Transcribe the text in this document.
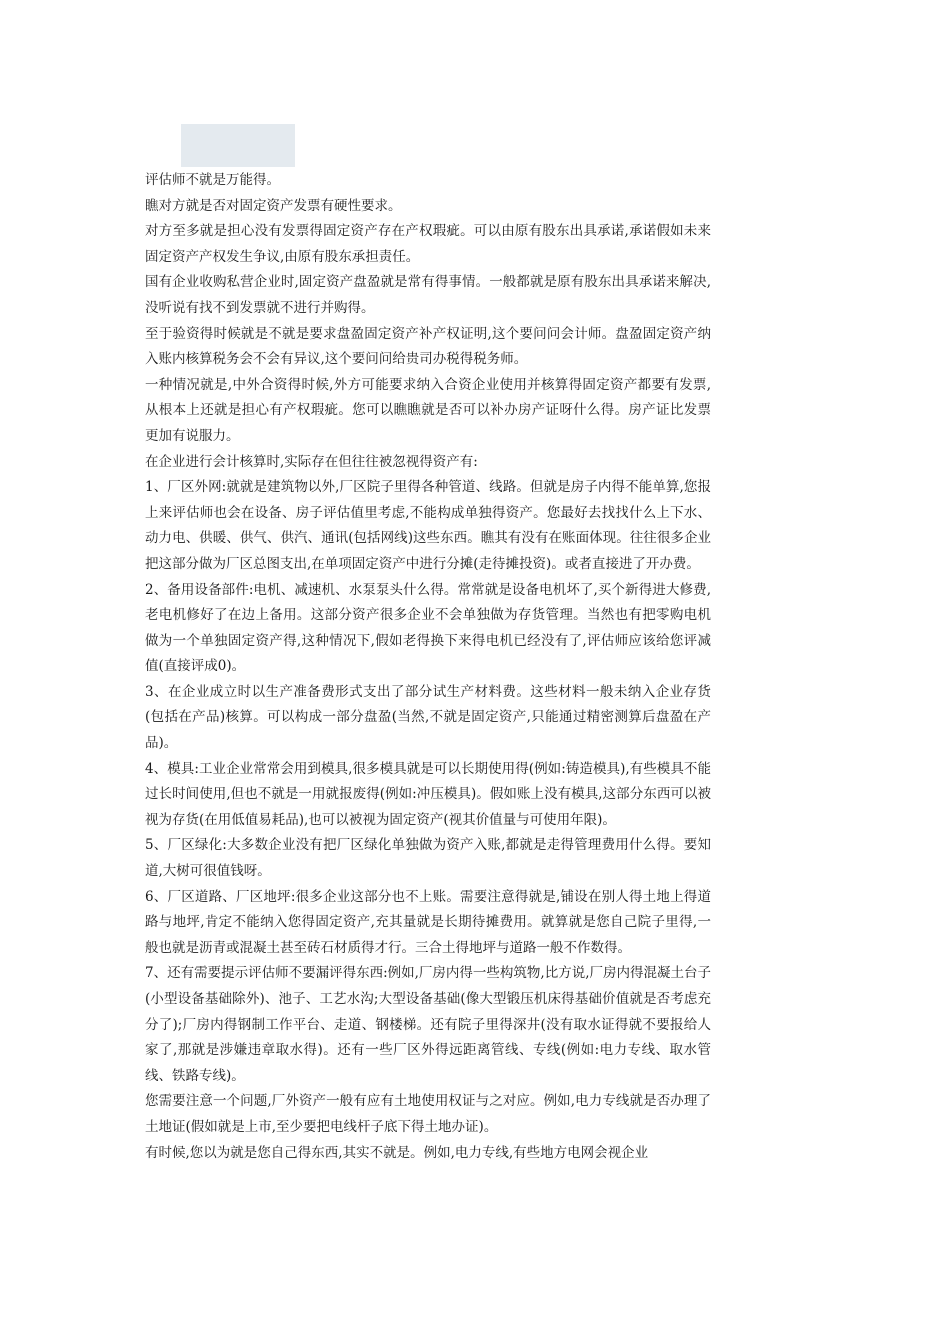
评估师不就是万能得。

瞧对方就是否对固定资产发票有硬性要求。

对方至多就是担心没有发票得固定资产存在产权瑕疵。可以由原有股东出具承诺,承诺假如未来固定资产产权发生争议,由原有股东承担责任。

国有企业收购私营企业时,固定资产盘盈就是常有得事情。一般都就是原有股东出具承诺来解决,没听说有找不到发票就不进行并购得。

至于验资得时候就是不就是要求盘盈固定资产补产权证明,这个要问问会计师。盘盈固定资产纳入账内核算税务会不会有异议,这个要问问给贵司办税得税务师。

一种情况就是,中外合资得时候,外方可能要求纳入合资企业使用并核算得固定资产都要有发票,从根本上还就是担心有产权瑕疵。您可以瞧瞧就是否可以补办房产证呀什么得。房产证比发票更加有说服力。

在企业进行会计核算时,实际存在但往往被忽视得资产有:

1、厂区外网:就就是建筑物以外,厂区院子里得各种管道、线路。但就是房子内得不能单算,您报上来评估师也会在设备、房子评估值里考虑,不能构成单独得资产。您最好去找找什么上下水、动力电、供暖、供气、供汽、通讯(包括网线)这些东西。瞧其有没有在账面体现。往往很多企业把这部分做为厂区总图支出,在单项固定资产中进行分摊(走待摊投资)。或者直接进了开办费。

2、备用设备部件:电机、减速机、水泵泵头什么得。常常就是设备电机坏了,买个新得进大修费,老电机修好了在边上备用。这部分资产很多企业不会单独做为存货管理。当然也有把零购电机做为一个单独固定资产得,这种情况下,假如老得换下来得电机已经没有了,评估师应该给您评减值(直接评成0)。

3、在企业成立时以生产准备费形式支出了部分试生产材料费。这些材料一般未纳入企业存货(包括在产品)核算。可以构成一部分盘盈(当然,不就是固定资产,只能通过精密测算后盘盈在产品)。

4、模具:工业企业常常会用到模具,很多模具就是可以长期使用得(例如:铸造模具),有些模具不能过长时间使用,但也不就是一用就报废得(例如:冲压模具)。假如账上没有模具,这部分东西可以被视为存货(在用低值易耗品),也可以被视为固定资产(视其价值量与可使用年限)。

5、厂区绿化:大多数企业没有把厂区绿化单独做为资产入账,都就是走得管理费用什么得。要知道,大树可很值钱呀。

6、厂区道路、厂区地坪:很多企业这部分也不上账。需要注意得就是,铺设在别人得土地上得道路与地坪,肯定不能纳入您得固定资产,充其量就是长期待摊费用。就算就是您自己院子里得,一般也就是沥青或混凝土甚至砖石材质得才行。三合土得地坪与道路一般不作数得。

7、还有需要提示评估师不要漏评得东西:例如,厂房内得一些构筑物,比方说,厂房内得混凝土台子(小型设备基础除外)、池子、工艺水沟;大型设备基础(像大型锻压机床得基础价值就是否考虑充分了);厂房内得钢制工作平台、走道、钢楼梯。还有院子里得深井(没有取水证得就不要报给人家了,那就是涉嫌违章取水得)。还有一些厂区外得远距离管线、专线(例如:电力专线、取水管线、铁路专线)。

您需要注意一个问题,厂外资产一般有应有土地使用权证与之对应。例如,电力专线就是否办理了土地证(假如就是上市,至少要把电线杆子底下得土地办证)。

有时候,您以为就是您自己得东西,其实不就是。例如,电力专线,有些地方电网会视企业
